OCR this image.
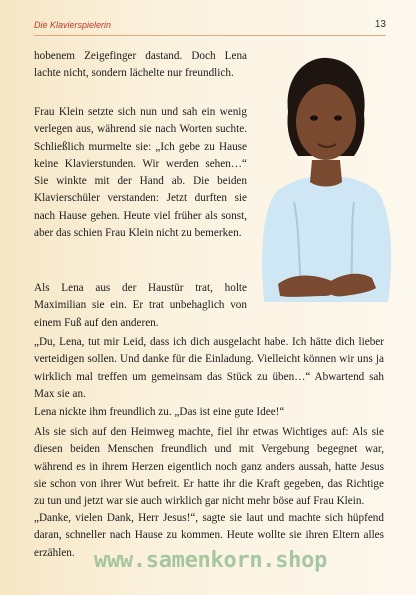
Die Klavierspielerin	13

hobenem Zeigefinger dastand. Doch Lena lachte nicht, sondern lächelte nur freundlich.

Frau Klein setzte sich nun und sah ein wenig verlegen aus, während sie nach Worten suchte. Schließlich murmelte sie: „Ich gebe zu Hause keine Klavierstunden. Wir werden sehen…“ Sie winkte mit der Hand ab. Die beiden Klavierschüler verstanden: Jetzt durften sie nach Hause gehen. Heute viel früher als sonst, aber das schien Frau Klein nicht zu bemerken.

Als Lena aus der Haustür trat, holte Maximilian sie ein. Er trat unbehaglich von einem Fuß auf den anderen.

„Du, Lena, tut mir Leid, dass ich dich ausgelacht habe. Ich hätte dich lieber verteidigen sollen. Und danke für die Einladung. Vielleicht können wir uns ja wirklich mal treffen um gemeinsam das Stück zu üben…“ Abwartend sah Max sie an.

Lena nickte ihm freundlich zu. „Das ist eine gute Idee!“

Als sie sich auf den Heimweg machte, fiel ihr etwas Wichtiges auf: Als sie diesen beiden Menschen freundlich und mit Vergebung begegnet war, während es in ihrem Herzen eigentlich noch ganz anders aussah, hatte Jesus sie schon von ihrer Wut befreit. Er hatte ihr die Kraft gegeben, das Richtige zu tun und jetzt war sie auch wirklich gar nicht mehr böse auf Frau Klein.

„Danke, vielen Dank, Herr Jesus!“, sagte sie laut und machte sich hüpfend daran, schneller nach Hause zu kommen. Heute wollte sie ihren Eltern alles erzählen. www.samenkorn.shop
